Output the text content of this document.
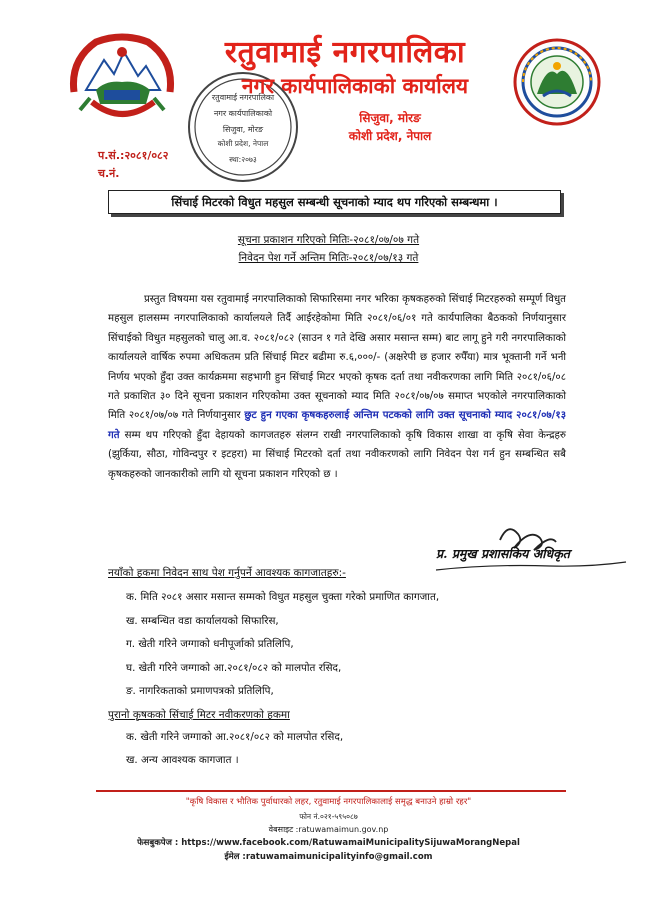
रतुवामाई नगरपालिका
नगर कार्यपालिकाको
सिजुवा, मोरङ
कोशी प्रदेश, नेपाल
स्था:२०७३
रतुवामाई नगरपालिका
नगर कार्यपालिकाको कार्यालय
सिजुवा, मोरङ
कोशी प्रदेश, नेपाल
प.सं.:२०८१/०८२
च.नं.
सिंचाई मिटरको विधुत महसुल सम्बन्धी सूचनाको म्याद थप गरिएको सम्बन्धमा ।
सूचना प्रकाशन गरिएको मितिः-२०८१/०७/०७ गते
निवेदन पेश गर्ने अन्तिम मितिः-२०८१/०७/१३ गते

प्रस्तुत विषयमा यस रतुवामाई नगरपालिकाको सिफारिसमा नगर भरिका कृषकहरुको सिंचाई मिटरहरुको सम्पूर्ण विधुत महसुल हालसम्म नगरपालिकाको कार्यालयले तिर्दै आईरहेकोमा मिति २०८१/०६/०१ गते कार्यपालिका बैठकको निर्णयानुसार सिंचाईको विधुत महसुलको चालु आ.व. २०८१/०८२ (साउन १ गते देखि असार मसान्त सम्म) बाट लागू हुने गरी नगरपालिकाको कार्यालयले वार्षिक रुपमा अधिकतम प्रति सिंचाई मिटर बढीमा रु.६,०००/- (अक्षरेपी छ हजार रुपैँया) मात्र भूक्तानी गर्ने भनी निर्णय भएको हुँदा उक्त कार्यक्रममा सहभागी हुन सिंचाई मिटर भएको कृषक दर्ता तथा नवीकरणका लागि मिति २०८१/०६/०८ गते प्रकाशित ३० दिने सूचना प्रकाशन गरिएकोमा उक्त सूचनाको म्याद मिति २०८१/०७/०७ समाप्त भएकोले नगरपालिकाको मिति २०८१/०७/०७ गते निर्णयानुसार छुट हुन गएका कृषकहरुलाई अन्तिम पटकको लागि उक्त सूचनाको म्याद २०८१/०७/१३ गते सम्म थप गरिएको हुँदा देहायको कागजतहरु संलग्न राखी नगरपालिकाको कृषि विकास शाखा वा कृषि सेवा केन्द्रहरु (झुर्किया, सौठा, गोविन्दपुर र इटहरा) मा सिंचाई मिटरको दर्ता तथा नवीकरणको लागि निवेदन पेश गर्न हुन सम्बन्धित सबै कृषकहरुको जानकारीको लागि यो सूचना प्रकाशन गरिएको छ ।

प्र. प्रमुख प्रशासकिय अधिकृत
नयाँको हकमा निवेदन साथ पेश गर्नुपर्ने आवश्यक कागजातहरु:-
क. मिति २०८१ असार मसान्त सम्मको विधुत महसुल चुक्ता गरेको प्रमाणित कागजात,
ख. सम्बन्धित वडा कार्यालयको सिफारिस,
ग. खेती गरिने जग्गाको धनीपूर्जाको प्रतिलिपि,
घ. खेती गरिने जग्गाको आ.२०८१/०८२ को मालपोत रसिद,
ङ. नागरिकताको प्रमाणपत्रको प्रतिलिपि,
पुरानो कृषकको सिंचाई मिटर नवीकरणको हकमा
क. खेती गरिने जग्गाको आ.२०८१/०८२ को मालपोत रसिद,
ख. अन्य आवश्यक कागजात ।
"कृषि विकास र भौतिक पुर्वाधारको लहर, रतुवामाई नगरपालिकालाई समृद्ध बनाउने हाम्रो रहर"
फोन नं.०२१-५९५०८७
वेबसाइट :ratuwamaimun.gov.np
फेसबुकपेज : https://www.facebook.com/RatuwamaiMunicipalitySijuwaMorangNepal
ईमेल :ratuwamaimunicipalityinfo@gmail.com
